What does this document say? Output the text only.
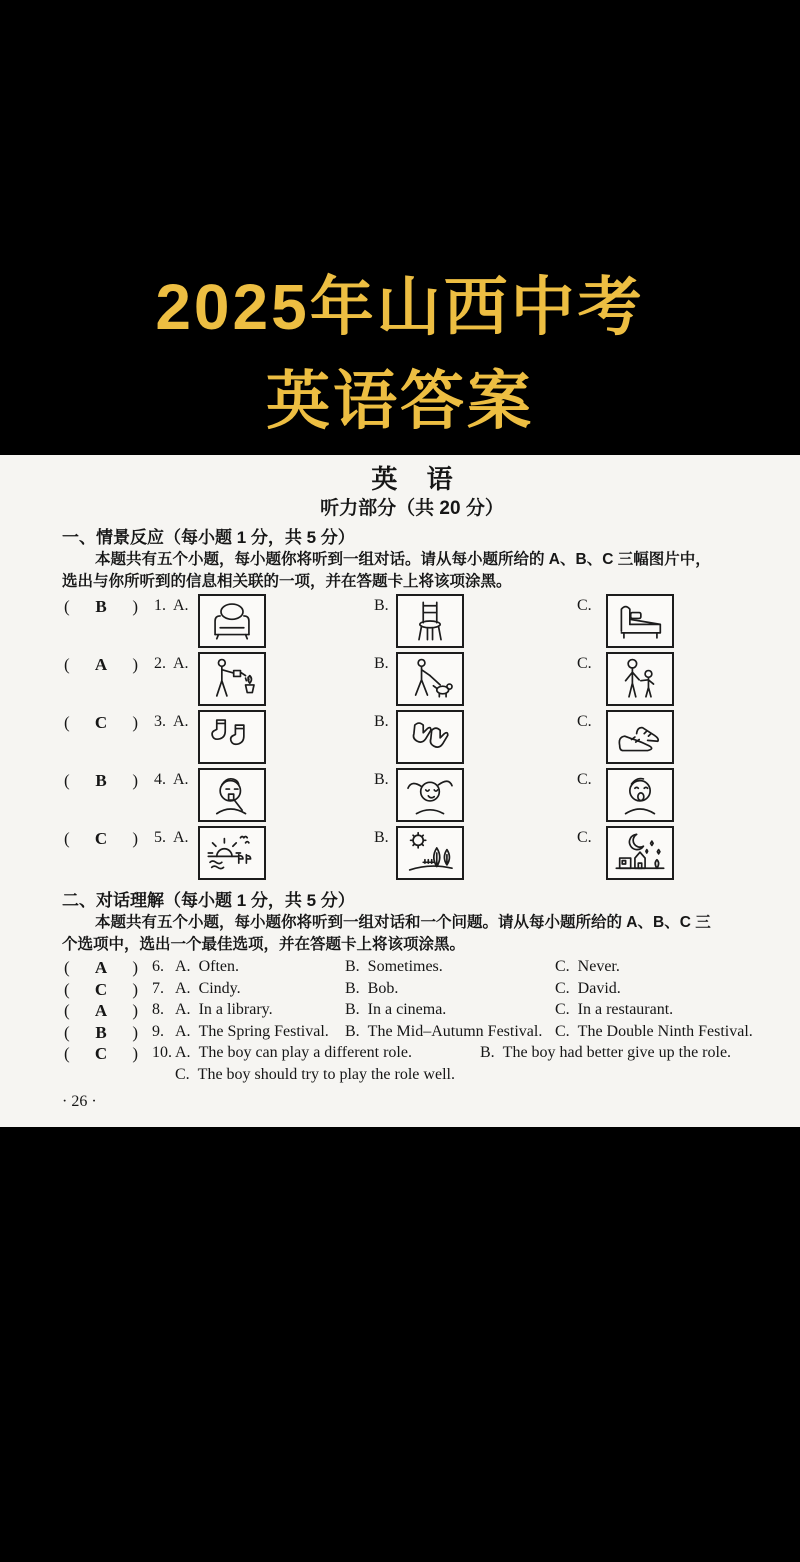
2025年山西中考
英语答案
英 语
听力部分（共 20 分）
一、情景反应（每小题 1 分，共 5 分）
本题共有五个小题，每小题你将听到一组对话。请从每小题所给的 A、B、C 三幅图片中，
选出与你所听到的信息相关联的一项，并在答题卡上将该项涂黑。
( B ) 1. A.	B.	C.
( A ) 2. A.	B.	C.
( C ) 3. A.	B.	C.
( B ) 4. A.	B.	C.
( C ) 5. A.	B.	C.
二、对话理解（每小题 1 分，共 5 分）
本题共有五个小题，每小题你将听到一组对话和一个问题。请从每小题所给的 A、B、C 三
个选项中，选出一个最佳选项，并在答题卡上将该项涂黑。
( A ) 6. A. Often.	B. Sometimes.	C. Never.
( C ) 7. A. Cindy.	B. Bob.	C. David.
( A ) 8. A. In a library.	B. In a cinema.	C. In a restaurant.
( B ) 9. A. The Spring Festival. B. The Mid–Autumn Festival. C. The Double Ninth Festival.
( C ) 10. A. The boy can play a different role.	B. The boy had better give up the role.
C. The boy should try to play the role well.
· 26 ·
